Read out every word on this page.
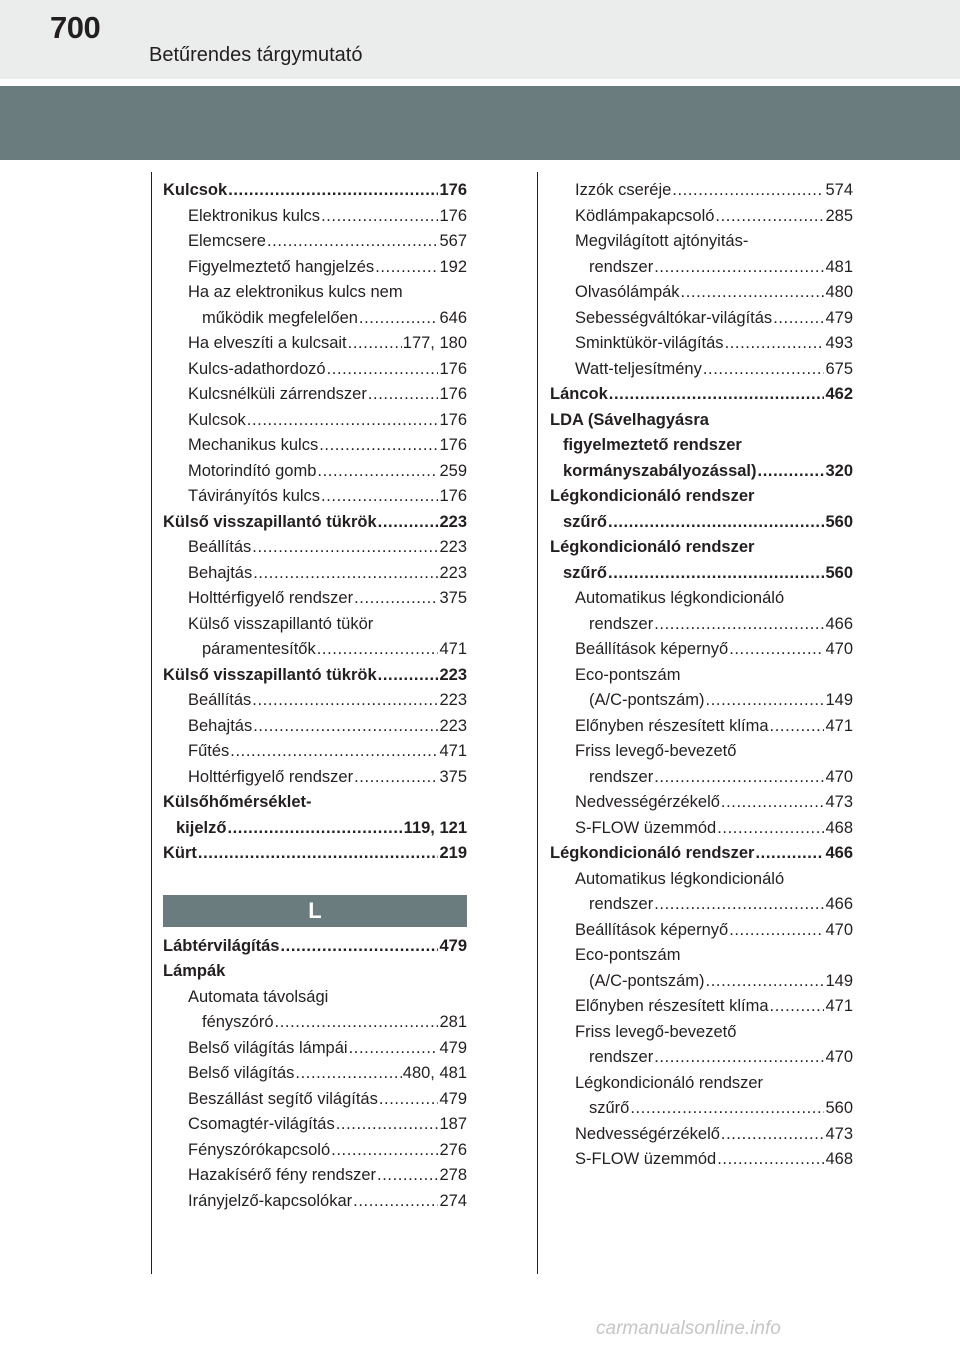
700
Betűrendes tárgymutató
Kulcsok .....	176
Elektronikus kulcs .....	176
Elemcsere .....	567
Figyelmeztető hangjelzés .....	192
Ha az elektronikus kulcs nem
működik megfelelően .....	646
Ha elveszíti a kulcsait .....	177, 180
Kulcs-adathordozó .....	176
Kulcsnélküli zárrendszer .....	176
Kulcsok .....	176
Mechanikus kulcs .....	176
Motorindító gomb .....	259
Távirányítós kulcs .....	176
Külső visszapillantó tükrök .....	223
Beállítás .....	223
Behajtás .....	223
Holttérfigyelő rendszer .....	375
Külső visszapillantó tükör
páramentesítők .....	471
Külső visszapillantó tükrök .....	223
Beállítás .....	223
Behajtás .....	223
Fűtés .....	471
Holttérfigyelő rendszer .....	375
Külsőhőmérséklet-
kijelző .....	119, 121
Kürt .....	219
L
Lábtérvilágítás .....	479
Lámpák
Automata távolsági
fényszóró .....	281
Belső világítás lámpái .....	479
Belső világítás .....	480, 481
Beszállást segítő világítás .....	479
Csomagtér-világítás .....	187
Fényszórókapcsoló .....	276
Hazakísérő fény rendszer .....	278
Irányjelző-kapcsolókar .....	274
Izzók cseréje .....	574
Ködlámpakapcsoló .....	285
Megvilágított ajtónyitás-
rendszer .....	481
Olvasólámpák .....	480
Sebességváltókar-világítás .....	479
Sminktükör-világítás .....	493
Watt-teljesítmény .....	675
Láncok .....	462
LDA (Sávelhagyásra
figyelmeztető rendszer
kormányszabályozással) .....	320
Légkondicionáló rendszer
szűrő .....	560
Légkondicionáló rendszer
szűrő .....	560
Automatikus légkondicionáló
rendszer .....	466
Beállítások képernyő .....	470
Eco-pontszám
(A/C-pontszám) .....	149
Előnyben részesített klíma .....	471
Friss levegő-bevezető
rendszer .....	470
Nedvességérzékelő .....	473
S-FLOW üzemmód .....	468
Légkondicionáló rendszer .....	466
Automatikus légkondicionáló
rendszer .....	466
Beállítások képernyő .....	470
Eco-pontszám
(A/C-pontszám) .....	149
Előnyben részesített klíma .....	471
Friss levegő-bevezető
rendszer .....	470
Légkondicionáló rendszer
szűrő .....	560
Nedvességérzékelő .....	473
S-FLOW üzemmód .....	468
carmanualsonline.info
